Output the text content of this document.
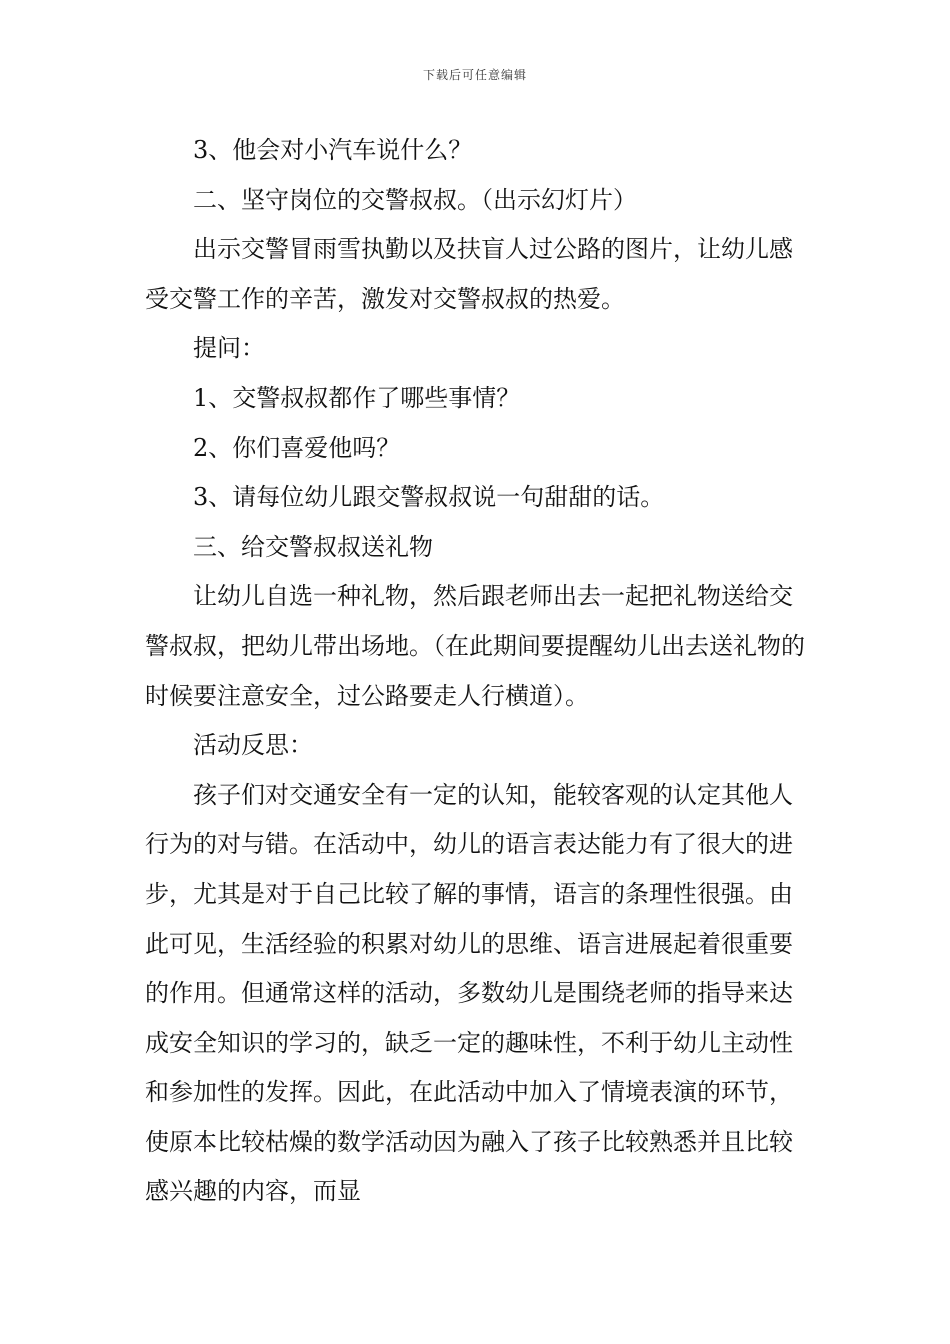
下载后可任意编辑

3、他会对小汽车说什么？

二、坚守岗位的交警叔叔。（出示幻灯片）

出示交警冒雨雪执勤以及扶盲人过公路的图片，让幼儿感受交警工作的辛苦，激发对交警叔叔的热爱。

提问：

1、交警叔叔都作了哪些事情？

2、你们喜爱他吗？

3、请每位幼儿跟交警叔叔说一句甜甜的话。

三、给交警叔叔送礼物

让幼儿自选一种礼物，然后跟老师出去一起把礼物送给交警叔叔，把幼儿带出场地。（在此期间要提醒幼儿出去送礼物的时候要注意安全，过公路要走人行横道）。

活动反思：

孩子们对交通安全有一定的认知，能较客观的认定其他人行为的对与错。在活动中，幼儿的语言表达能力有了很大的进步，尤其是对于自己比较了解的事情，语言的条理性很强。由此可见，生活经验的积累对幼儿的思维、语言进展起着很重要的作用。但通常这样的活动，多数幼儿是围绕老师的指导来达成安全知识的学习的，缺乏一定的趣味性，不利于幼儿主动性和参加性的发挥。因此，在此活动中加入了情境表演的环节，使原本比较枯燥的数学活动因为融入了孩子比较熟悉并且比较感兴趣的内容，而显
